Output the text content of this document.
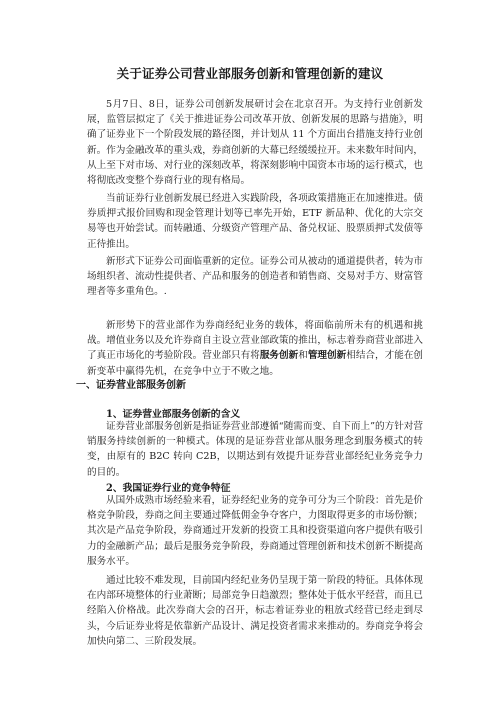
关于证券公司营业部服务创新和管理创新的建议

5月7日、8日，证券公司创新发展研讨会在北京召开。为支持行业创新发展，监管层拟定了《关于推进证券公司改革开放、创新发展的思路与措施》，明确了证券业下一个阶段发展的路径图，并计划从 11 个方面出台措施支持行业创新。作为金融改革的重头戏，券商创新的大幕已经缓缓拉开。未来数年时间内，从上至下对市场、对行业的深刻改革，将深刻影响中国资本市场的运行模式，也将彻底改变整个券商行业的现有格局。

当前证券行业创新发展已经进入实践阶段，各项政策措施正在加速推进。债券质押式报价回购和现金管理计划等已率先开始，ETF 新品种、优化的大宗交易等也开始尝试。而转融通、分级资产管理产品、备兑权证、股票质押式发债等正待推出。

新形式下证券公司面临重新的定位。证券公司从被动的通道提供者，转为市场组织者、流动性提供者、产品和服务的创造者和销售商、交易对手方、财富管理者等多重角色。.

新形势下的营业部作为券商经纪业务的载体，将面临前所未有的机遇和挑战。增值业务以及允许券商自主设立营业部政策的推出，标志着券商营业部进入了真正市场化的考验阶段。营业部只有将服务创新和管理创新相结合，才能在创新变革中赢得先机，在竞争中立于不败之地。

一、证券营业部服务创新
1、证券营业部服务创新的含义

证券营业部服务创新是指证券营业部遵循“随需而变、自下而上”的方针对营销服务持续创新的一种模式。体现的是证券营业部从服务理念到服务模式的转变，由原有的 B2C 转向 C2B，以期达到有效提升证券营业部经纪业务竞争力的目的。

2、我国证券行业的竞争特征

从国外成熟市场经验来看，证券经纪业务的竞争可分为三个阶段：首先是价格竞争阶段，券商之间主要通过降低佣金争夺客户，力图取得更多的市场份额；其次是产品竞争阶段，券商通过开发新的投资工具和投资渠道向客户提供有吸引力的金融新产品；最后是服务竞争阶段，券商通过管理创新和技术创新不断提高服务水平。

通过比较不难发现，目前国内经纪业务仍呈现于第一阶段的特征。具体体现在内部环境整体的行业萧断；局部竞争日趋激烈；整体处于低水平经营，而且已经陷入价格战。此次券商大会的召开，标志着证券业的粗放式经营已经走到尽头，今后证券业将是依靠新产品设计、满足投资者需求来推动的。券商竞争将会加快向第二、三阶段发展。
